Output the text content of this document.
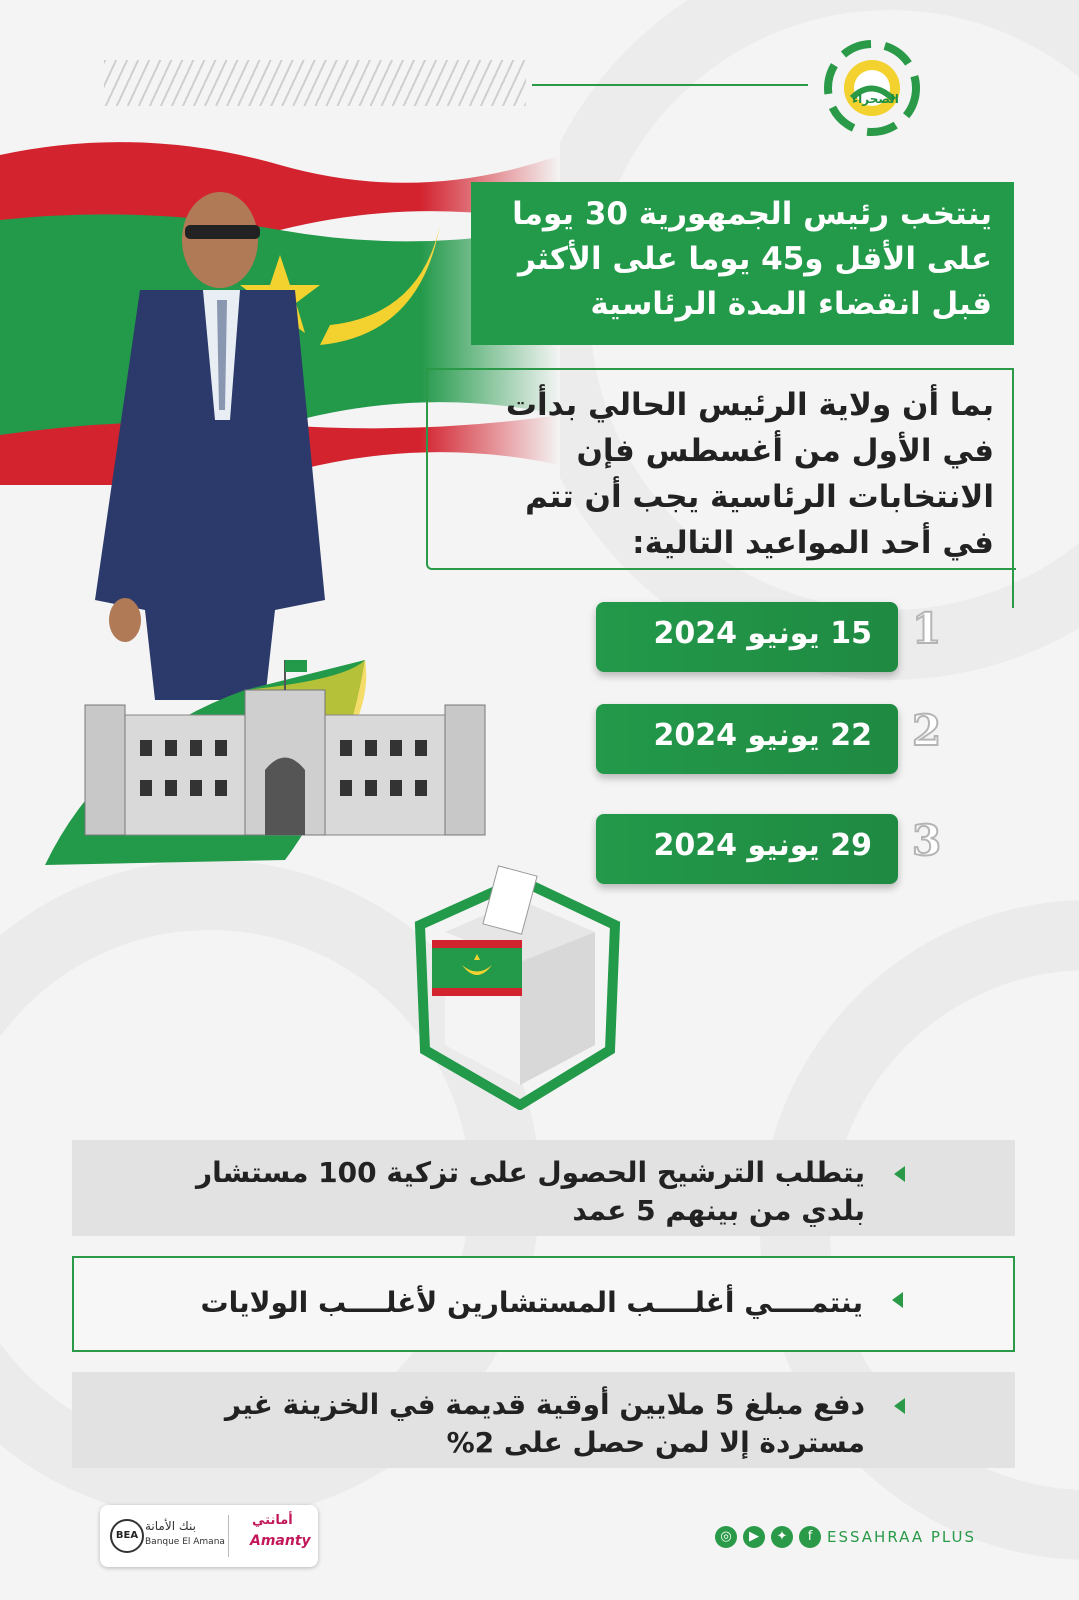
الصحراء
ينتخب رئيس الجمهورية 30 يوما
على الأقل و45 يوما على الأكثر
قبل انقضاء المدة الرئاسية
بما أن ولاية الرئيس الحالي بدأت
في الأول من أغسطس فإن
الانتخابات الرئاسية يجب أن تتم
في أحد المواعيد التالية:
15 يونيو 2024 1
22 يونيو 2024 2
29 يونيو 2024 3
يتطلب الترشيح الحصول على تزكية 100 مستشار
بلدي من بينهم 5 عمد
ينتمــــي أغلــــب المستشارين لأغلــــب الولايات
دفع مبلغ 5 ملايين أوقية قديمة في الخزينة غير
مستردة إلا لمن حصل على 2%
BEA
بنك الأمانة
Banque El Amana
أمانتي
Amanty	◎ ▶ ✦ f ESSAHRAA PLUS
